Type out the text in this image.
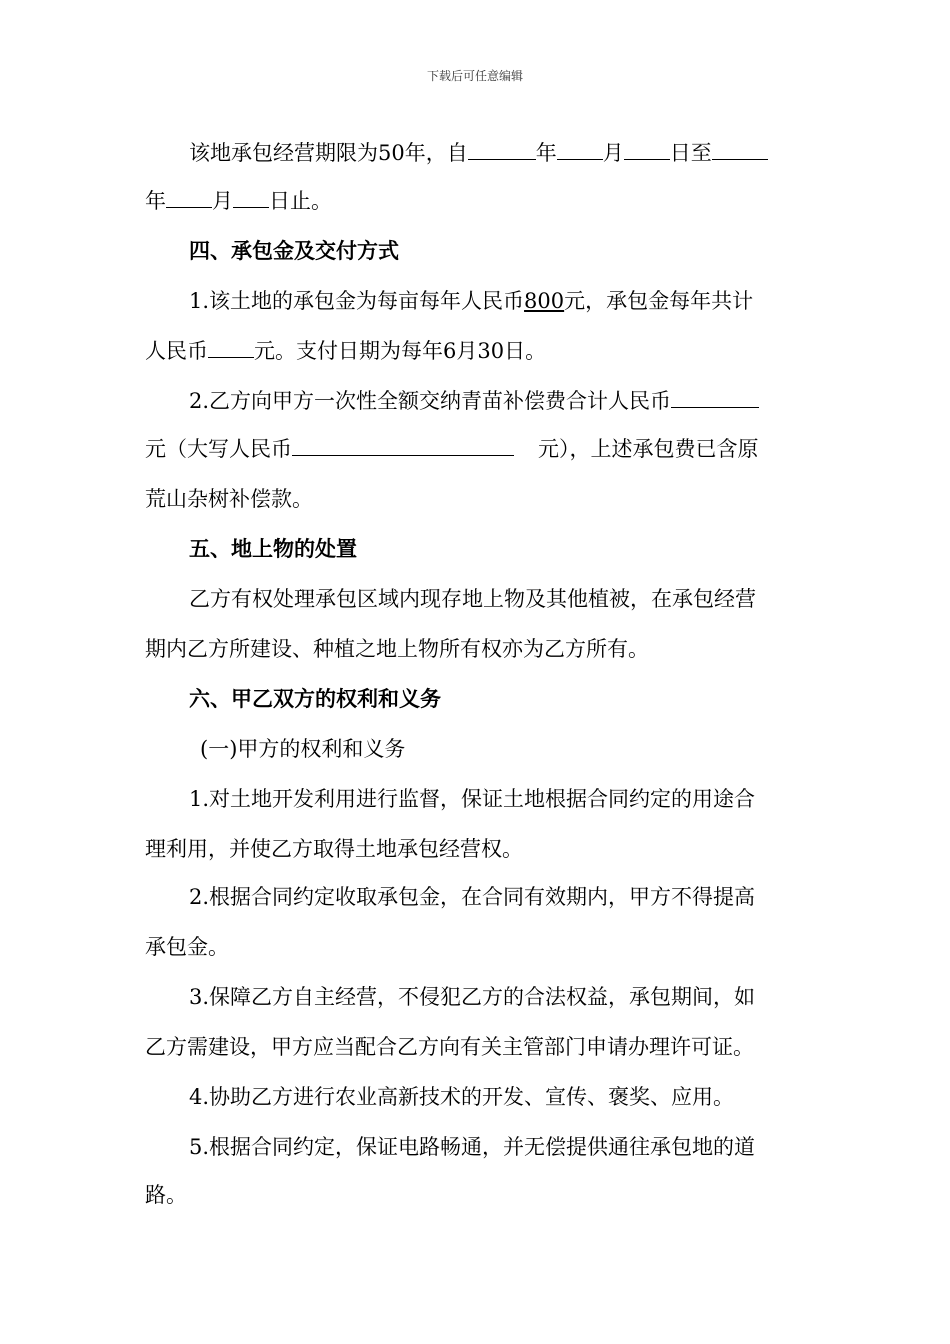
下载后可任意编辑
该地承包经营期限为50年，自	年 月 日至
年 月 日止。
四、承包金及交付方式
1.该土地的承包金为每亩每年人民币800元，承包金每年共计
人民币 元。支付日期为每年6月30日。
2.乙方向甲方一次性全额交纳青苗补偿费合计人民币
元（大写人民币	元），上述承包费已含原
荒山杂树补偿款。
五、地上物的处置
乙方有权处理承包区域内现存地上物及其他植被，在承包经营
期内乙方所建设、种植之地上物所有权亦为乙方所有。
六、甲乙双方的权利和义务
(一)甲方的权利和义务
1.对土地开发利用进行监督，保证土地根据合同约定的用途合
理利用，并使乙方取得土地承包经营权。
2.根据合同约定收取承包金，在合同有效期内，甲方不得提高
承包金。
3.保障乙方自主经营，不侵犯乙方的合法权益，承包期间，如
乙方需建设，甲方应当配合乙方向有关主管部门申请办理许可证。
4.协助乙方进行农业高新技术的开发、宣传、褒奖、应用。
5.根据合同约定，保证电路畅通，并无偿提供通往承包地的道
路。
